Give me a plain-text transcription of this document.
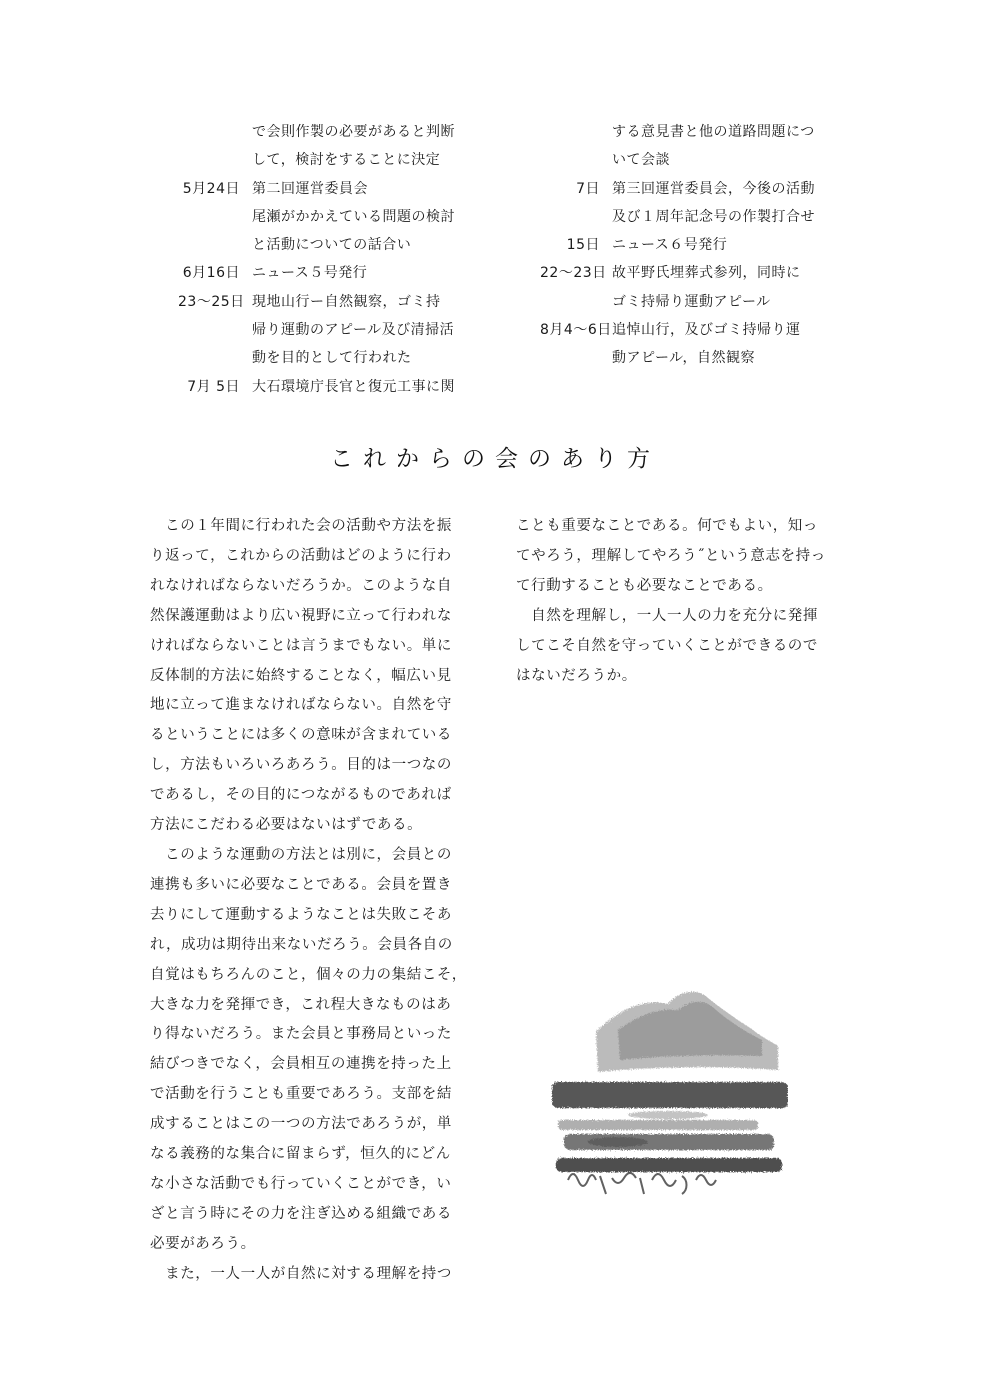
で会則作製の必要があると判断
して，検討をすることに決定
5月24日 第二回運営委員会
尾瀬がかかえている問題の検討
と活動についての話合い
6月16日 ニュース５号発行
23〜25日 現地山行ー自然観察，ゴミ持
帰り運動のアピール及び清掃活
動を目的として行われた
7月 5日 大石環境庁長官と復元工事に関
する意見書と他の道路問題につ
いて会談
7日 第三回運営委員会，今後の活動
及び１周年記念号の作製打合せ
15日 ニュース６号発行
22〜23日 故平野氏埋葬式参列，同時に
ゴミ持帰り運動アピール
8月4〜6日 追悼山行，及びゴミ持帰り運
動アピール，自然観察
これからの会のあり方
　この１年間に行われた会の活動や方法を振
り返って，これからの活動はどのように行わ
れなければならないだろうか。このような自
然保護運動はより広い視野に立って行われな
ければならないことは言うまでもない。単に
反体制的方法に始終することなく，幅広い見
地に立って進まなければならない。自然を守
るということには多くの意味が含まれている
し，方法もいろいろあろう。目的は一つなの
であるし，その目的につながるものであれば
方法にこだわる必要はないはずである。
　このような運動の方法とは別に，会員との
連携も多いに必要なことである。会員を置き
去りにして運動するようなことは失敗こそあ
れ，成功は期待出来ないだろう。会員各自の
自覚はもちろんのこと，個々の力の集結こそ，
大きな力を発揮でき，これ程大きなものはあ
り得ないだろう。また会員と事務局といった
結びつきでなく，会員相互の連携を持った上
で活動を行うことも重要であろう。支部を結
成することはこの一つの方法であろうが，単
なる義務的な集合に留まらず，恒久的にどん
な小さな活動でも行っていくことができ，い
ざと言う時にその力を注ぎ込める組織である
必要があろう。
　また，一人一人が自然に対する理解を持つ
ことも重要なことである。何でもよい，知っ
てやろう，理解してやろう˝という意志を持っ
て行動することも必要なことである。
　自然を理解し，一人一人の力を充分に発揮
してこそ自然を守っていくことができるので
はないだろうか。
